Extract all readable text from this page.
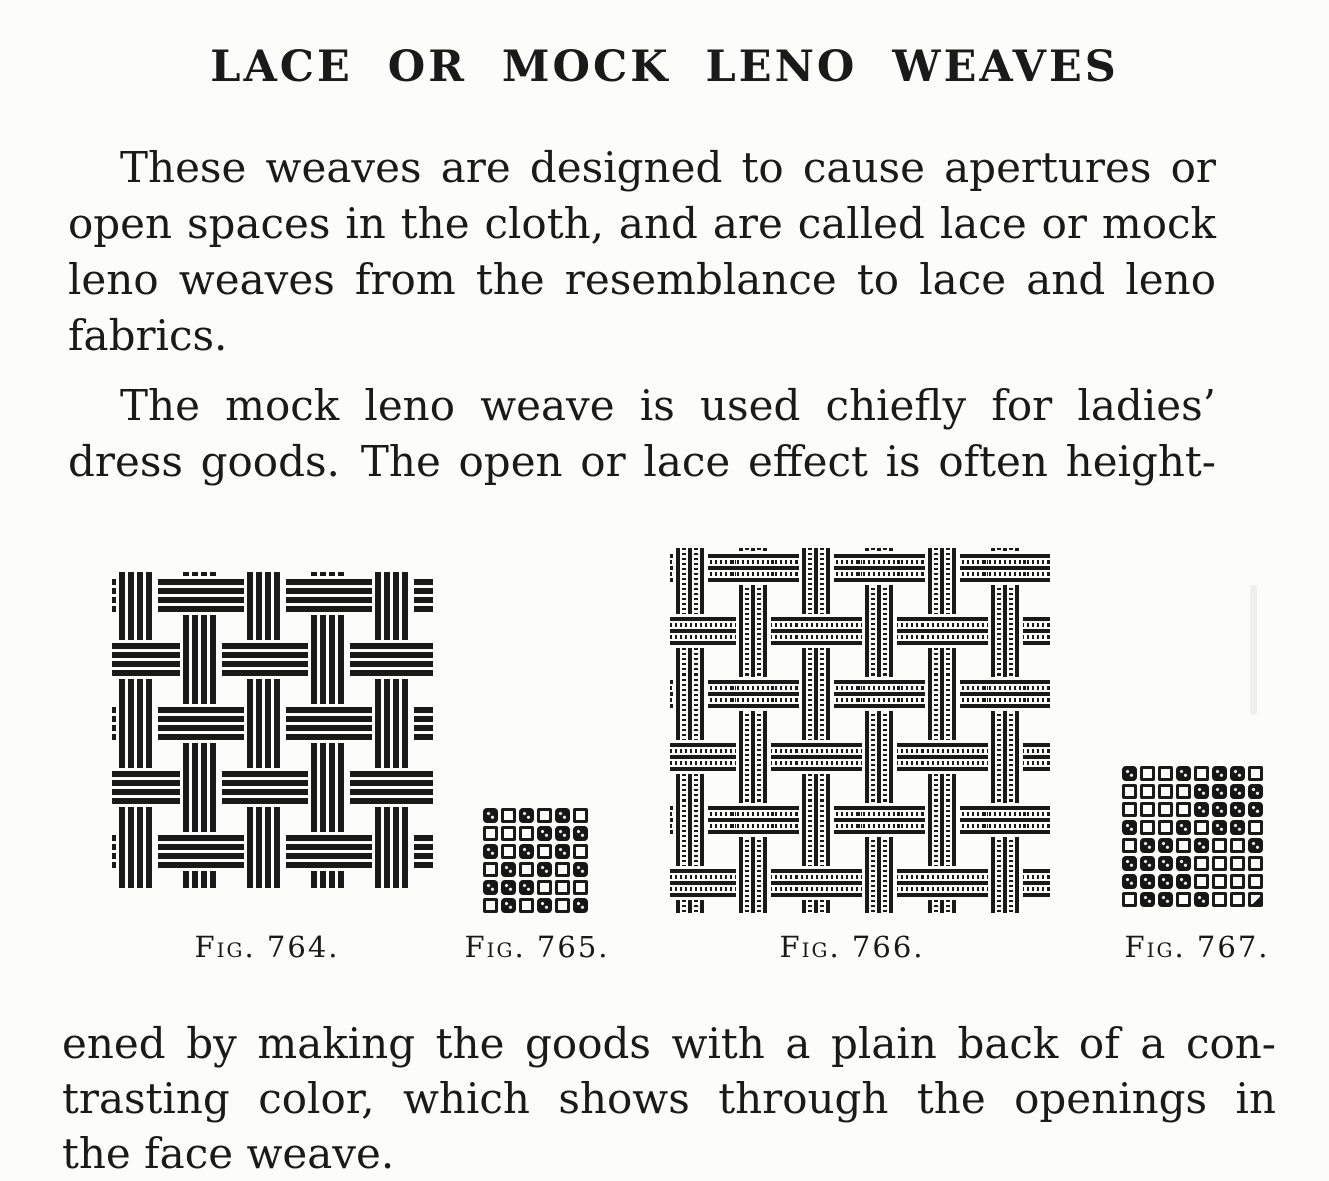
LACE OR MOCK LENO WEAVES
These weaves are designed to cause apertures or
open spaces in the cloth, and are called lace or mock
leno weaves from the resemblance to lace and leno
fabrics.
The mock leno weave is used chiefly for ladies’
dress goods. The open or lace effect is often height-
Fig. 764.	Fig. 765.	Fig. 766.	Fig. 767.
ened by making the goods with a plain back of a con-
trasting color, which shows through the openings in
the face weave.
